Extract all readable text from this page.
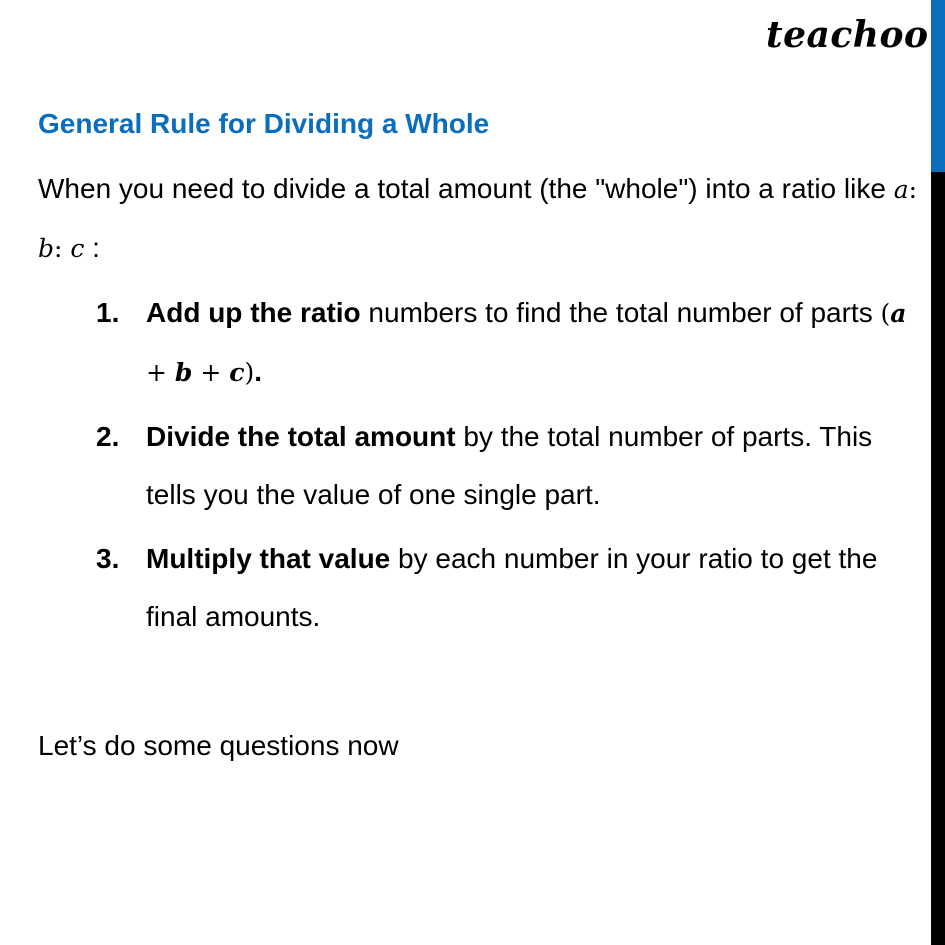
teachoo
General Rule for Dividing a Whole
When you need to divide a total amount (the "whole") into a ratio like a: b: c :
1. Add up the ratio numbers to find the total number of parts (a + b + c).
2. Divide the total amount by the total number of parts. This tells you the value of one single part.
3. Multiply that value by each number in your ratio to get the final amounts.
Let’s do some questions now
